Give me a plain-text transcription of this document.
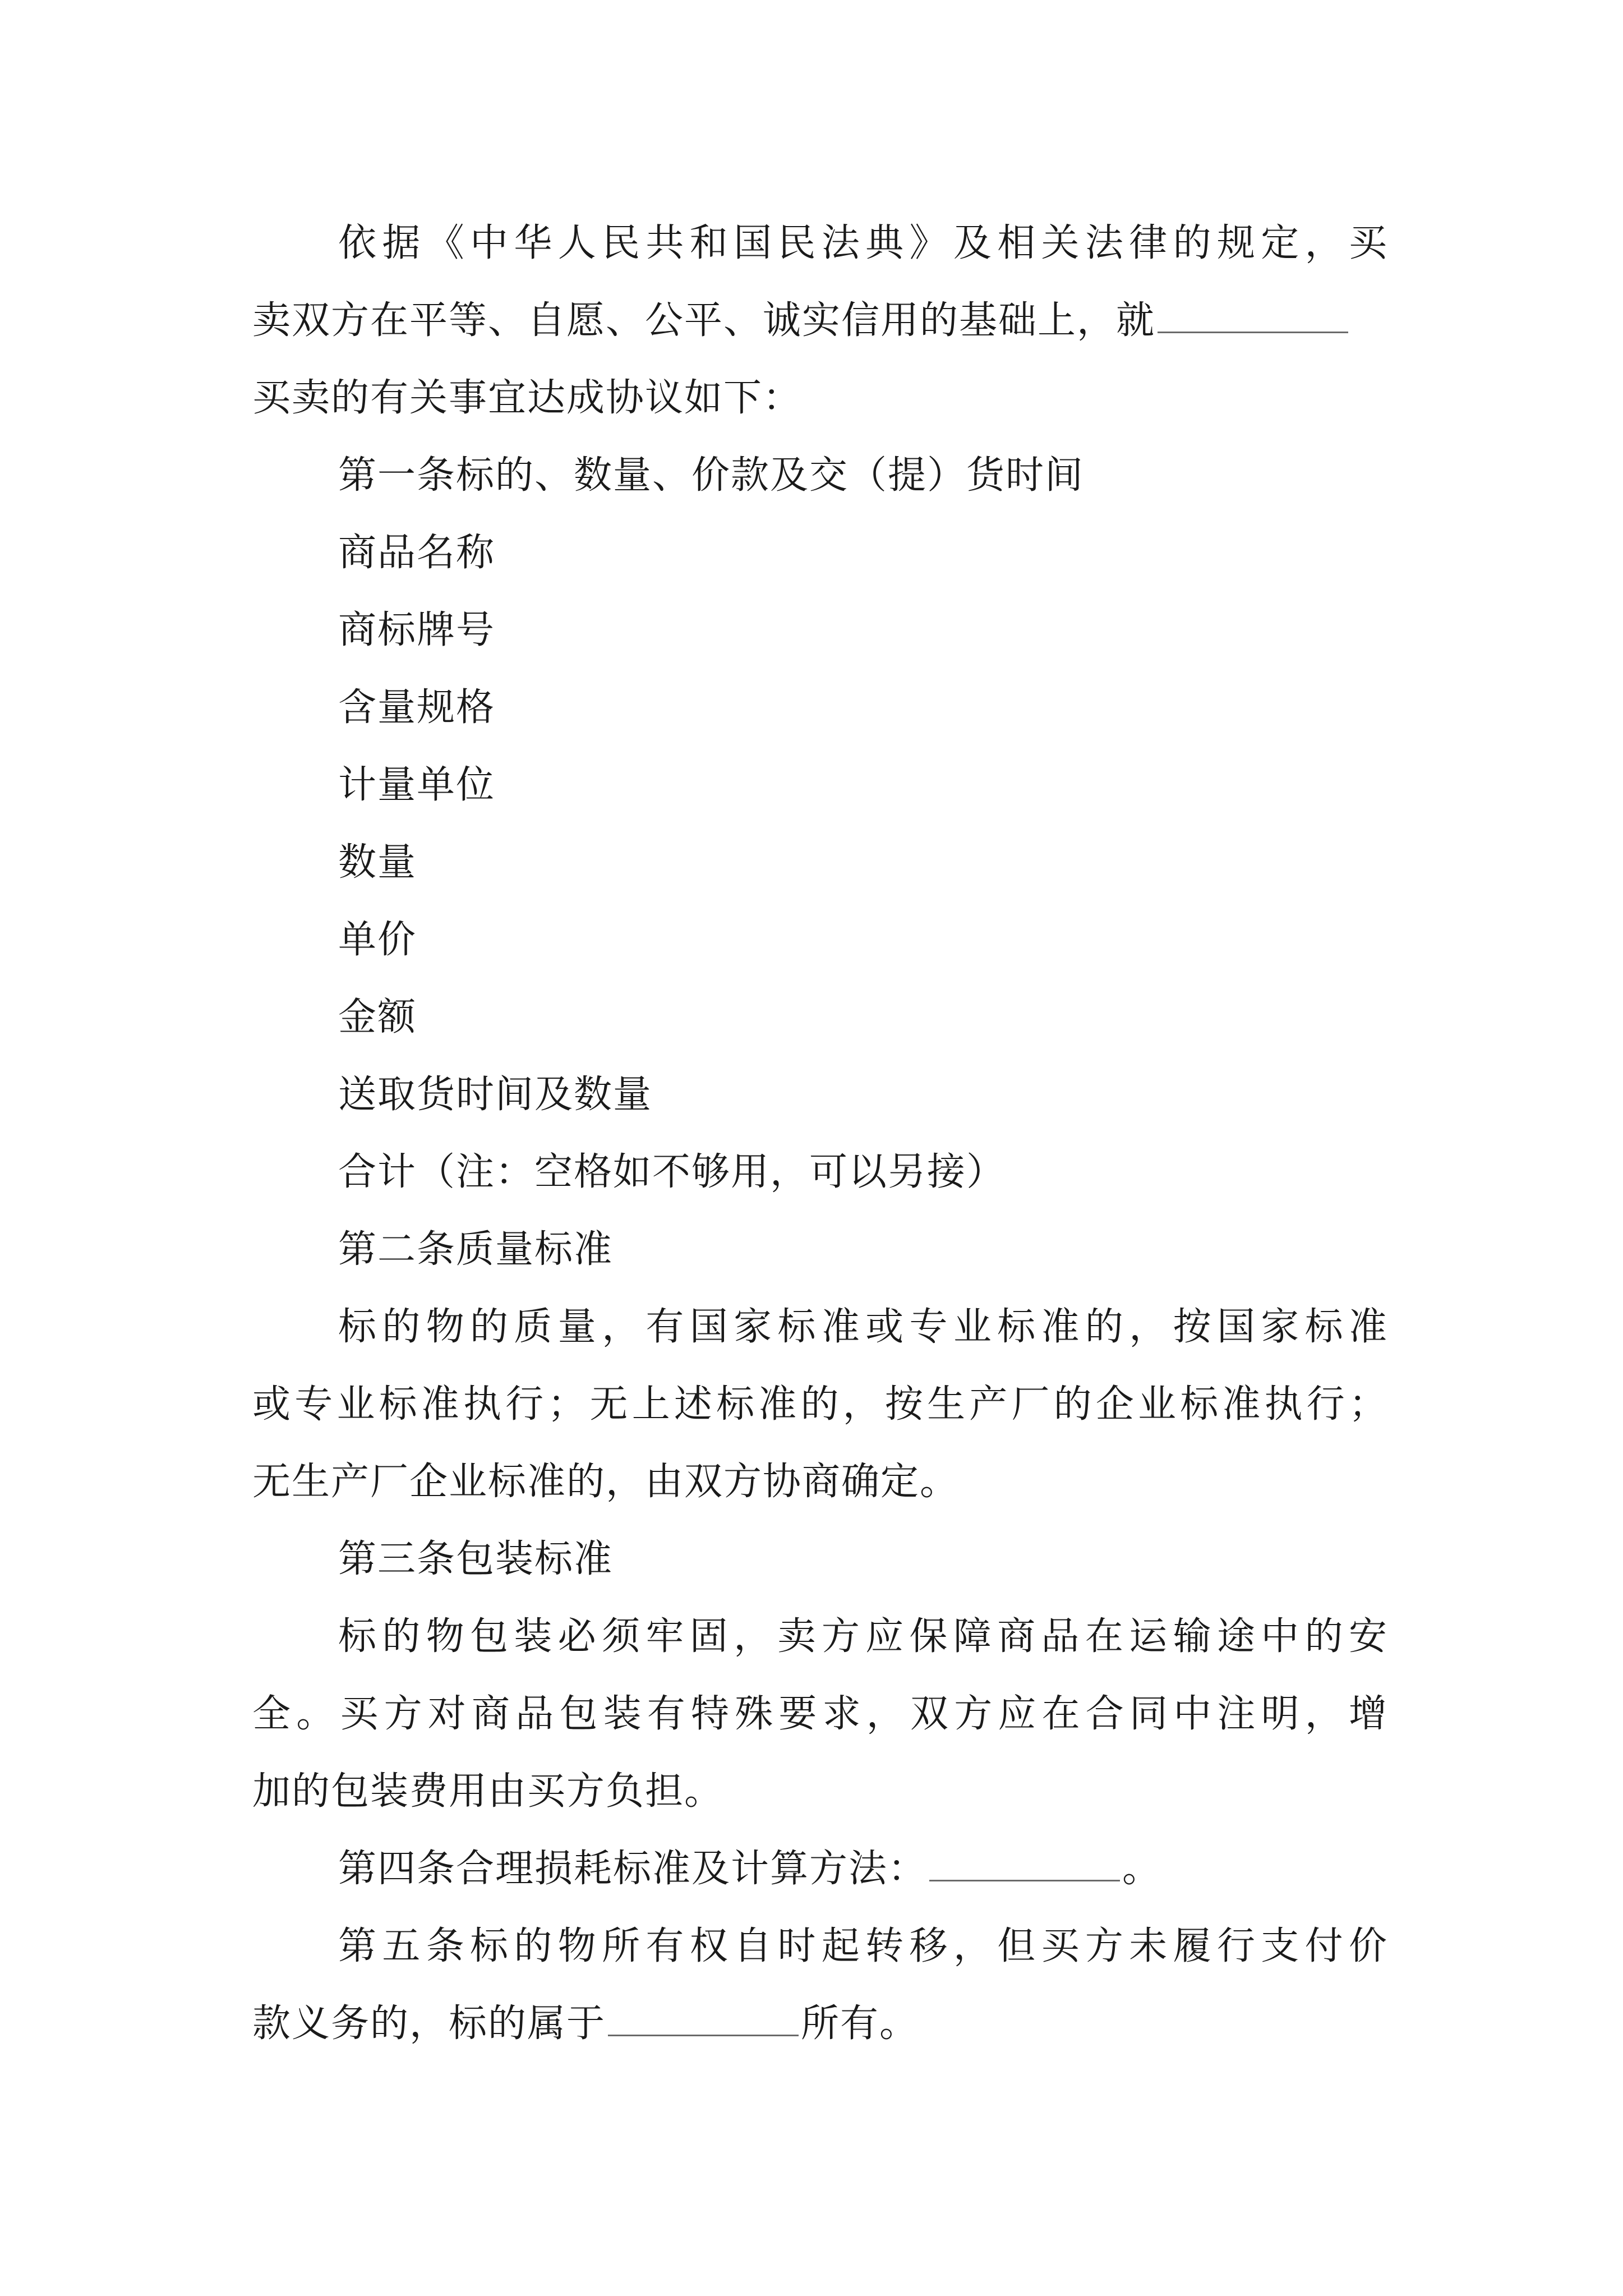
依据《中华人民共和国民法典》及相关法律的规定，买
卖双方在平等、自愿、公平、诚实信用的基础上，就
买卖的有关事宜达成协议如下：
第一条标的、数量、价款及交（提）货时间
商品名称
商标牌号
含量规格
计量单位
数量
单价
金额
送取货时间及数量
合计（注：空格如不够用，可以另接）
第二条质量标准
标的物的质量，有国家标准或专业标准的，按国家标准
或专业标准执行；无上述标准的，按生产厂的企业标准执行；
无生产厂企业标准的，由双方协商确定。
第三条包装标准
标的物包装必须牢固，卖方应保障商品在运输途中的安
全。买方对商品包装有特殊要求，双方应在合同中注明，增
加的包装费用由买方负担。
第四条合理损耗标准及计算方法：	。
第五条标的物所有权自时起转移，但买方未履行支付价
款义务的，标的属于	所有。
